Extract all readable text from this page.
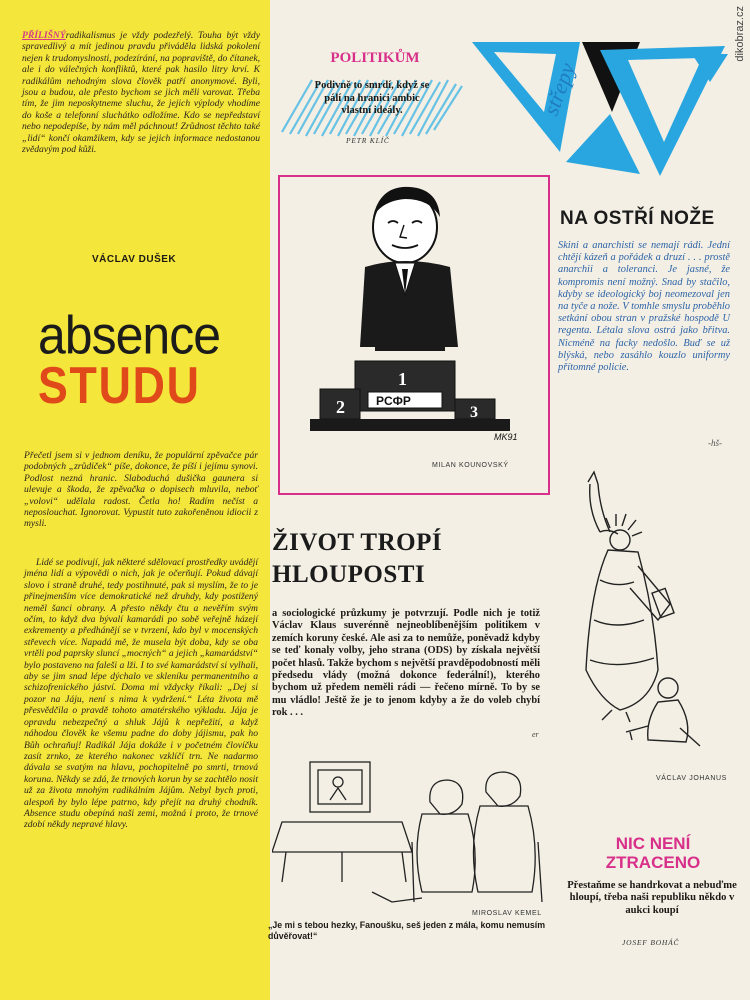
PŘÍLIŠNÝradikalismus je vždy podezřelý. Touha být vždy spravedlivý a mít jedinou pravdu přiváděla lidská pokolení nejen k trudomyslnosti, podezírání, na popraviště, do čítanek, ale i do válečných konfliktů, které pak hasilo litry krví. K radikálům nehodným slova člověk patří anonymové. Byli, jsou a budou, ale přesto bychom se jich měli varovat. Třeba tím, že jim neposkytneme sluchu, že jejich výplody vhodíme do koše a telefonní sluchátko odložíme. Kdo se nepředstaví nebo nepodepíše, by nám měl páchnout! Zrůdnost těchto také „lidí“ končí okamžikem, kdy se jejich informace nedostanou zvědavým pod kůži.
VÁCLAV DUŠEK
absence
STUDU
Přečetl jsem si v jednom deníku, že populární zpěvačce pár podobných „zrůdiček“ píše, dokonce, že píší i jejímu synovi. Podlost nezná hranic. Slaboduchá dušička gaunera si ulevuje a škoda, že zpěvačka o dopisech mluvila, neboť „volovi“ udělala radost. Četla ho! Radím nečíst a neposlouchat. Ignorovat. Vypustit tuto zakořeněnou idiocii z mysli.
Lidé se podivují, jak některé sdělovací prostředky uvádějí jména lidí a výpovědi o nich, jak je očerňují. Pokud dávají slovo i straně druhé, tedy postihnuté, pak si myslím, že to je přinejmenším více demokratické než druhdy, kdy postižený neměl šanci obrany. A přesto někdy čtu a nevěřím svým očím, to když dva bývalí kamarádi po sobě veřejně házejí exkrementy a předhánějí se v tvrzení, kdo byl v mocenských střevech více. Napadá mě, že musela být doba, kdy se oba vrtěli pod paprsky sluncí „mocných“ a jejich „kamarádství“ bylo postaveno na faleši a lži. I to své kamarádství si vylhali, aby se jim snad lépe dýchalo ve skleníku permanentního a schizofrenického jáství. Doma mi vždycky říkali: „Dej si pozor na Jáju, není s nima k vydržení.“ Léta života mě přesvědčila o pravdě tohoto amatérského výkladu. Jája je opravdu nebezpečný a shluk Jájů k nepřežití, a když náhodou člověk ke všemu padne do doby jájismu, pak ho Bůh ochraňuj! Radikál Jája dokáže i v početném človíčku zasít zrnko, ze kterého nakonec vzklíčí trn. Ne nadarmo dávala se svatým na hlavu, pochopitelně po smrti, trnová koruna. Někdy se zdá, že trnových korun by se zachtělo nosit už za života mnohým radikálním Jájům. Nebyl bych proti, alespoň by bylo lépe patrno, kdy přejít na druhý chodník. Absence studu obepíná naši zemi, možná i proto, že trnové zdobí někdy nepravé hlavy.
POLITIKŮM
Podivně to smrdí, když se pálí na hranici ambic vlastní ideály.
PETR KLÍČ
střepy
dikobraz.cz
2
1
3
PCФP
MK91
MILAN KOUNOVSKÝ
NA OSTŘÍ NOŽE
Skini a anarchisti se nemají rádi. Jední chtějí kázeň a pořádek a druzí . . . prostě anarchii a toleranci. Je jasné, že kompromis není možný. Snad by stačilo, kdyby se ideologický boj neomezoval jen na tyče a nože. V tomhle smyslu proběhlo setkání obou stran v pražské hospodě U regenta. Létala slova ostrá jako břitva. Nicméně na facky nedošlo. Buď se už blýská, nebo zasáhlo kouzlo uniformy přítomné policie.
-hš-
ŽIVOT TROPÍ
HLOUPOSTI
a sociologické průzkumy je potvrzují. Podle nich je totiž Václav Klaus suverénně nejneoblíbenějším politikem v zemích koruny české. Ale asi za to nemůže, poněvadž kdyby se teď konaly volby, jeho strana (ODS) by získala největší počet hlasů. Takže bychom s největší pravděpodobností měli předsedu vlády (možná dokonce federální!), kterého bychom už předem neměli rádi — řečeno mírně. To by se mu vládlo! Ještě že je to jenom kdyby a že do voleb chybí rok . . .
er
VÁCLAV JOHANUS
MIROSLAV KEMEL
„Je mi s tebou hezky, Fanoušku, seš jeden z mála, komu nemusím důvěřovat!“
NIC NENÍ
ZTRACENO
Přestaňme se handrkovat a nebuďme hloupí, třeba naši republiku někdo v aukci koupí
JOSEF BOHÁČ
